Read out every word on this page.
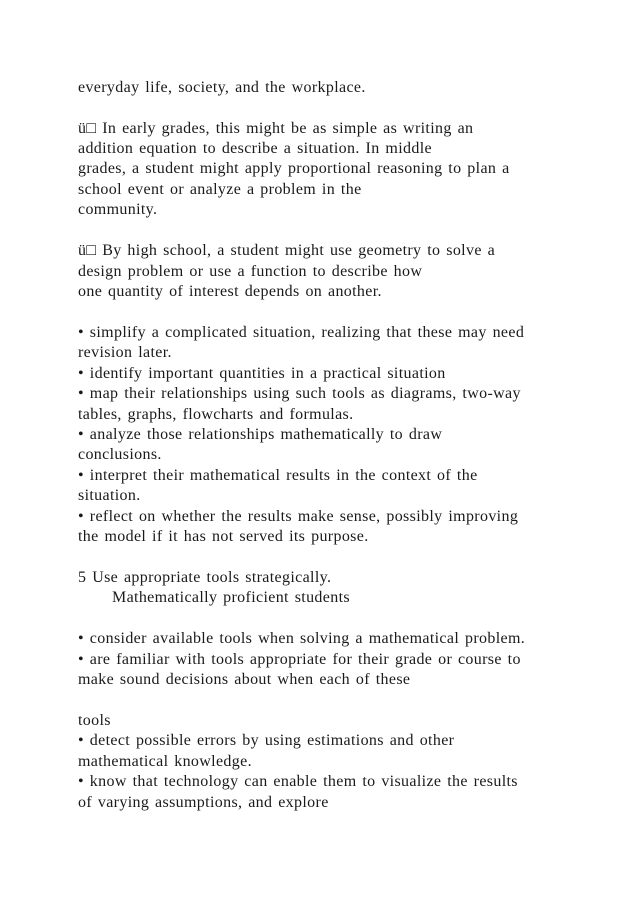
everyday life, society, and the workplace.
ü□ In early grades, this might be as simple as writing an
addition equation to describe a situation. In middle
grades, a student might apply proportional reasoning to plan a
school event or analyze a problem in the
community.
ü□ By high school, a student might use geometry to solve a
design problem or use a function to describe how
one quantity of interest depends on another.
• simplify a complicated situation, realizing that these may need
revision later.
• identify important quantities in a practical situation
• map their relationships using such tools as diagrams, two-way
tables, graphs, flowcharts and formulas.
• analyze those relationships mathematically to draw
conclusions.
• interpret their mathematical results in the context of the
situation.
• reflect on whether the results make sense, possibly improving
the model if it has not served its purpose.
5 Use appropriate tools strategically.
Mathematically proficient students
• consider available tools when solving a mathematical problem.
• are familiar with tools appropriate for their grade or course to
make sound decisions about when each of these
tools
• detect possible errors by using estimations and other
mathematical knowledge.
• know that technology can enable them to visualize the results
of varying assumptions, and explore
